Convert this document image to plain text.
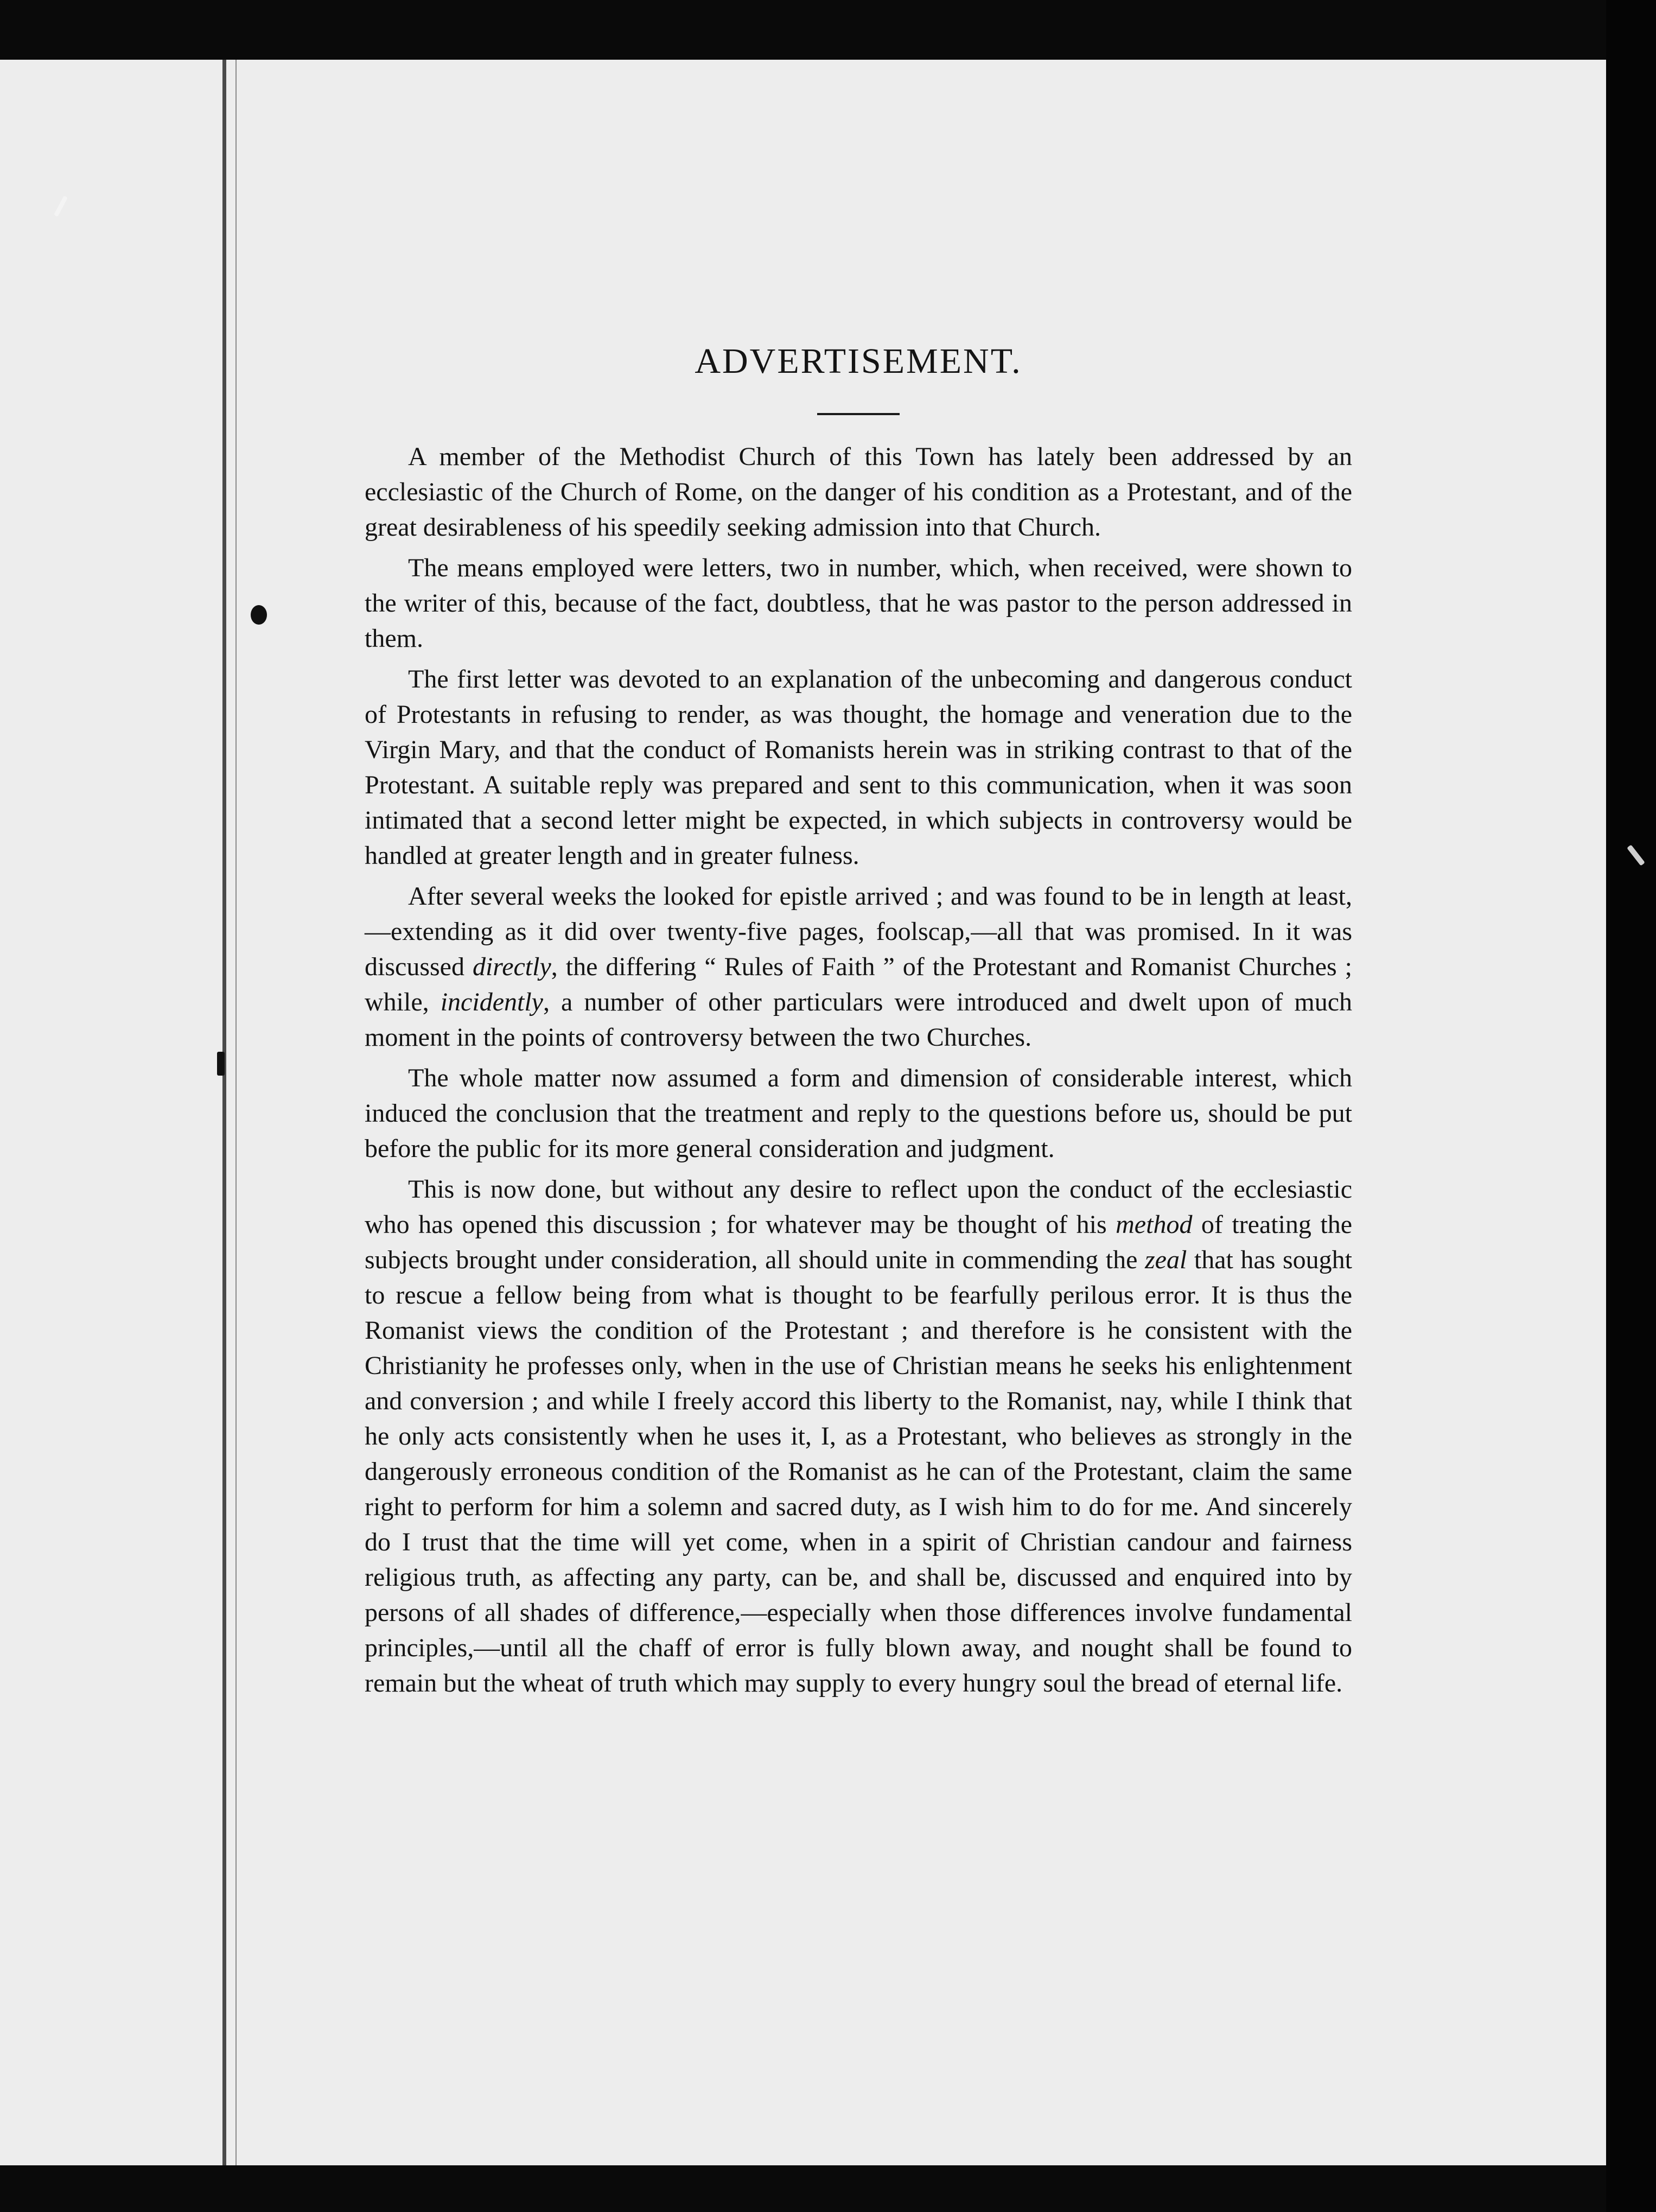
ADVERTISEMENT.

A member of the Methodist Church of this Town has lately been addressed by an ecclesiastic of the Church of Rome, on the danger of his condition as a Protestant, and of the great desirableness of his speedily seeking admission into that Church.

The means employed were letters, two in number, which, when received, were shown to the writer of this, because of the fact, doubtless, that he was pastor to the person addressed in them.

The first letter was devoted to an explanation of the unbecoming and dangerous conduct of Protestants in refusing to render, as was thought, the homage and veneration due to the Virgin Mary, and that the conduct of Romanists herein was in striking contrast to that of the Protestant. A suitable reply was prepared and sent to this communication, when it was soon intimated that a second letter might be expected, in which subjects in controversy would be handled at greater length and in greater fulness.

After several weeks the looked for epistle arrived ; and was found to be in length at least,—extending as it did over twenty-five pages, foolscap,—all that was promised. In it was discussed directly, the differing “ Rules of Faith ” of the Protestant and Romanist Churches ; while, incidently, a number of other particulars were introduced and dwelt upon of much moment in the points of controversy between the two Churches.

The whole matter now assumed a form and dimension of considerable interest, which induced the conclusion that the treatment and reply to the questions before us, should be put before the public for its more general consideration and judgment.

This is now done, but without any desire to reflect upon the conduct of the ecclesiastic who has opened this discussion ; for whatever may be thought of his method of treating the subjects brought under consideration, all should unite in commending the zeal that has sought to rescue a fellow being from what is thought to be fearfully perilous error. It is thus the Romanist views the condition of the Protestant ; and therefore is he consistent with the Christianity he professes only, when in the use of Christian means he seeks his enlightenment and conversion ; and while I freely accord this liberty to the Romanist, nay, while I think that he only acts consistently when he uses it, I, as a Protestant, who believes as strongly in the dangerously erroneous condition of the Romanist as he can of the Protestant, claim the same right to perform for him a solemn and sacred duty, as I wish him to do for me. And sincerely do I trust that the time will yet come, when in a spirit of Christian candour and fairness religious truth, as affecting any party, can be, and shall be, discussed and enquired into by persons of all shades of difference,—especially when those differences involve fundamental principles,—until all the chaff of error is fully blown away, and nought shall be found to remain but the wheat of truth which may supply to every hungry soul the bread of eternal life.
